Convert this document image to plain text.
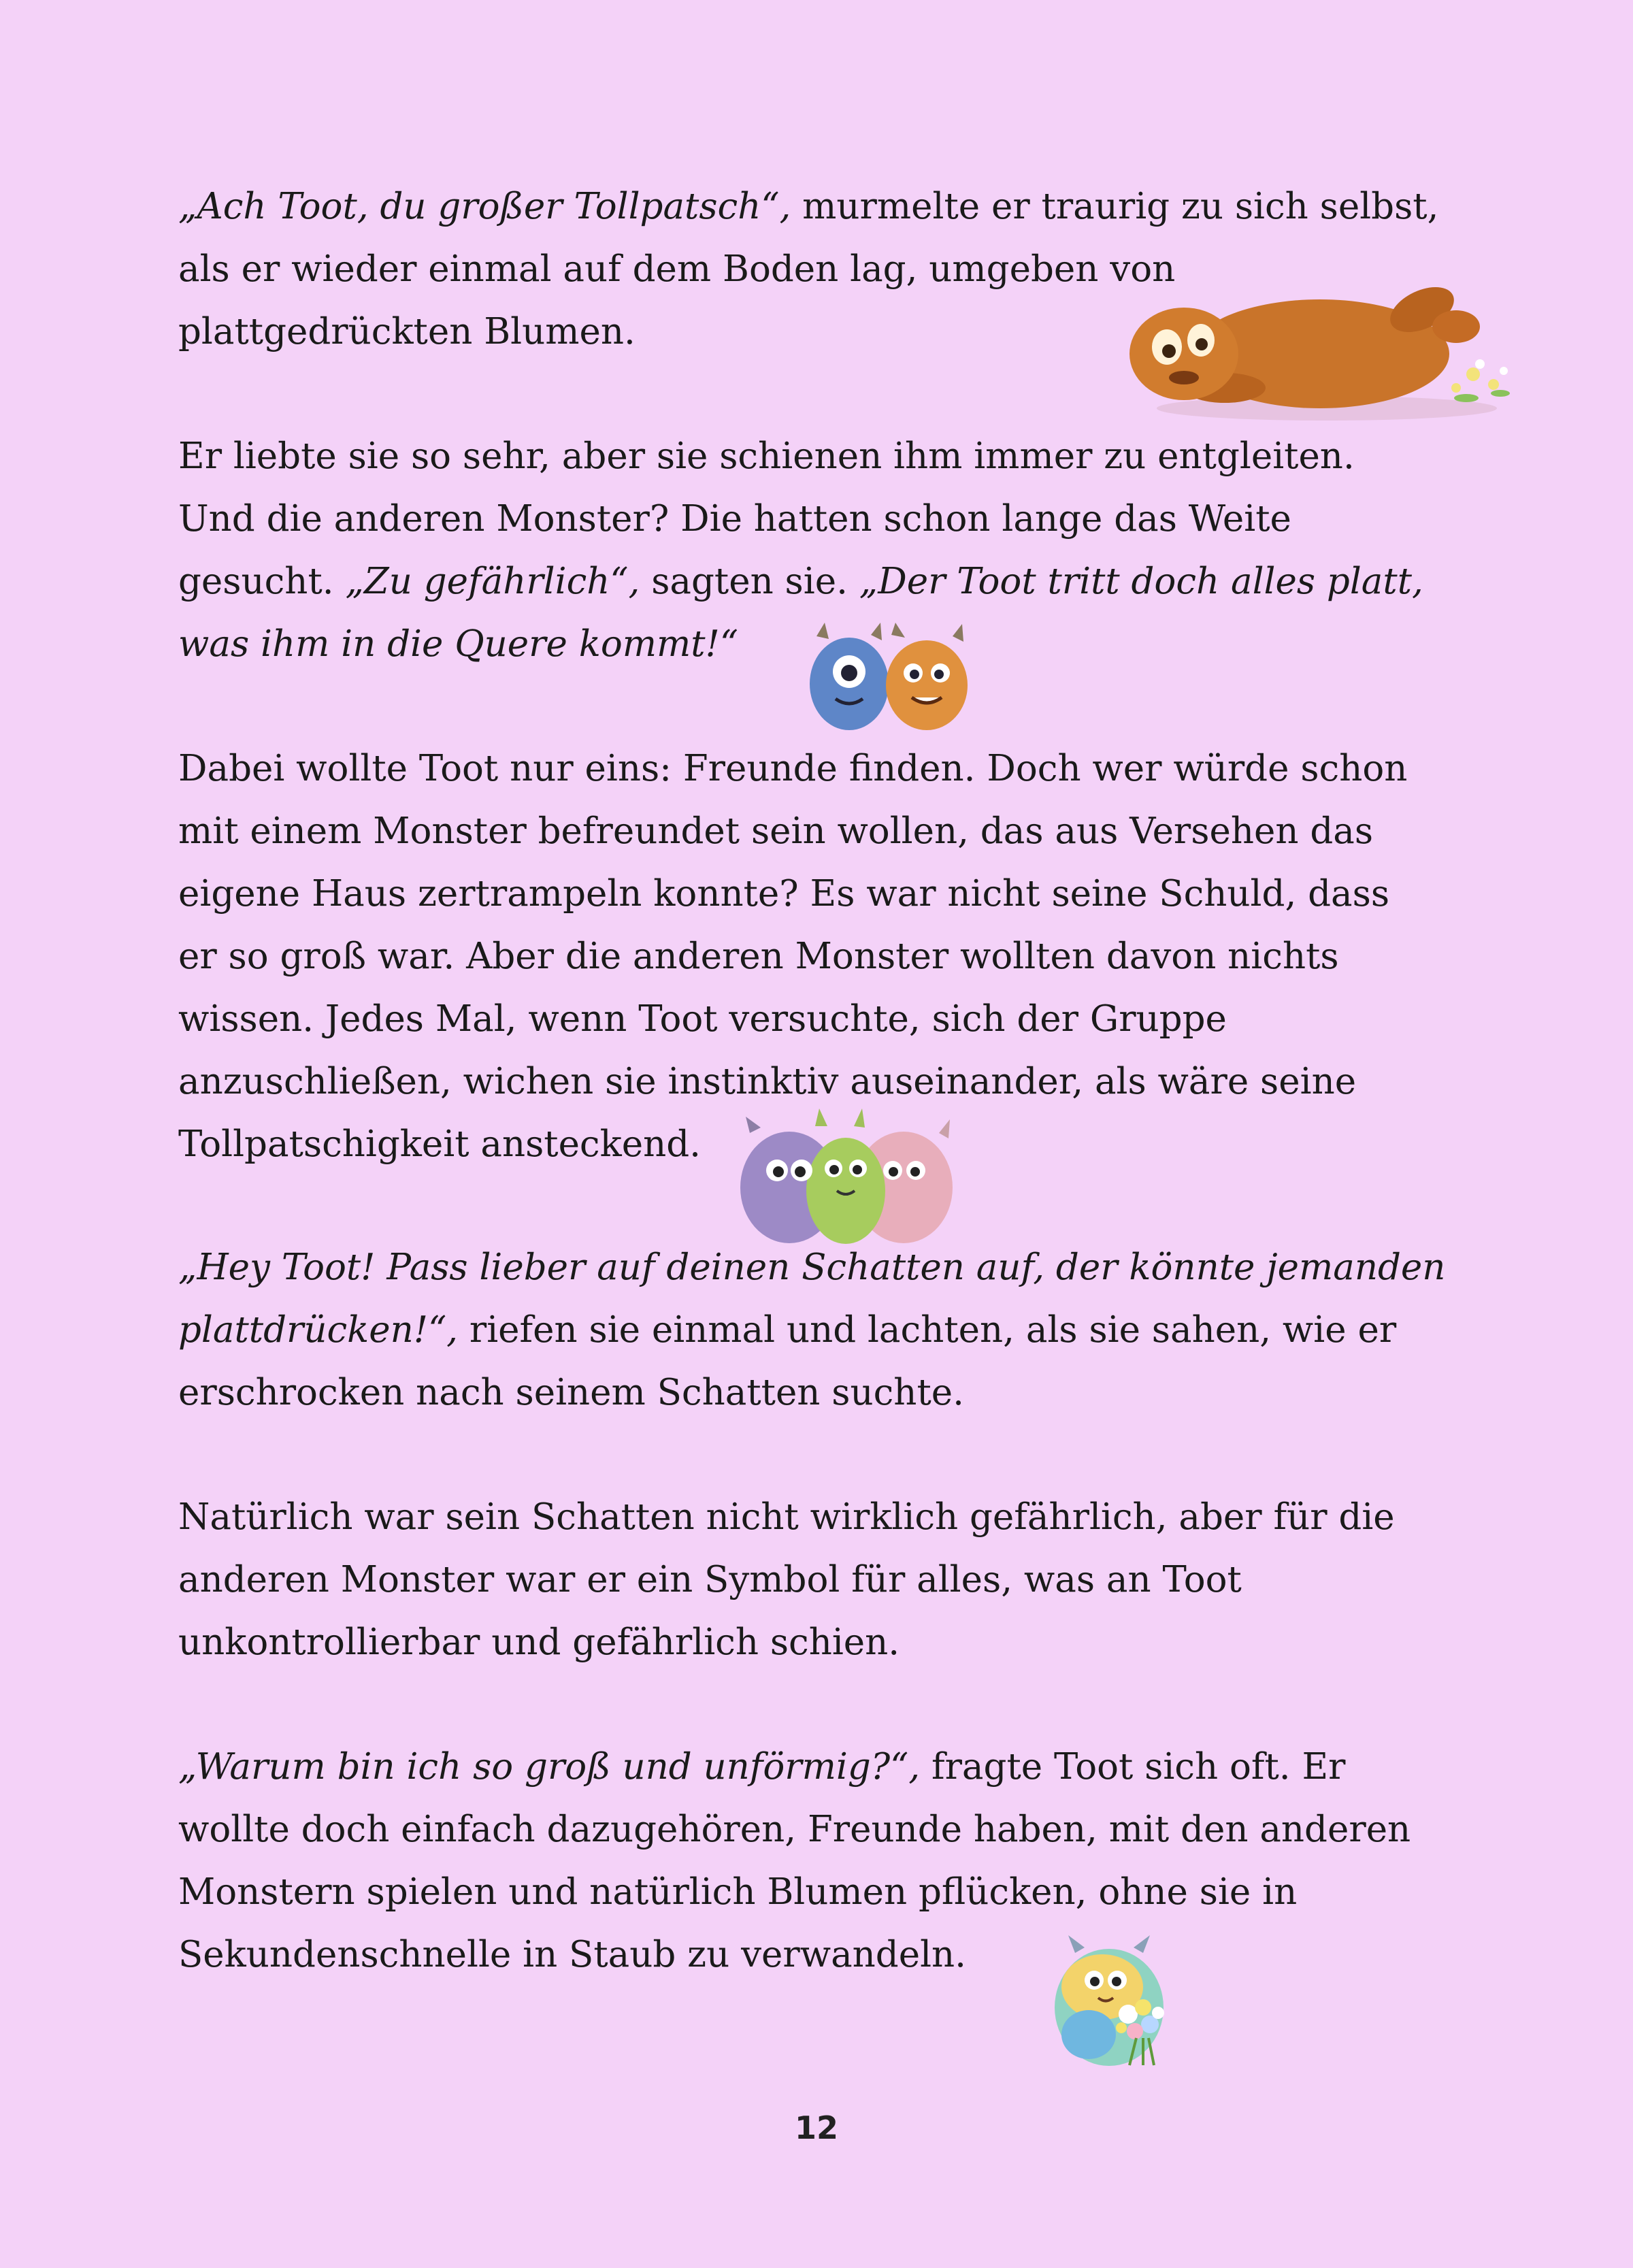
„Ach Toot, du großer Tollpatsch“, murmelte er traurig zu sich selbst,
als er wieder einmal auf dem Boden lag, umgeben von
plattgedrückten Blumen.
Er liebte sie so sehr, aber sie schienen ihm immer zu entgleiten.
Und die anderen Monster? Die hatten schon lange das Weite
gesucht. „Zu gefährlich“, sagten sie. „Der Toot tritt doch alles platt,
was ihm in die Quere kommt!“
Dabei wollte Toot nur eins: Freunde finden. Doch wer würde schon
mit einem Monster befreundet sein wollen, das aus Versehen das
eigene Haus zertrampeln konnte? Es war nicht seine Schuld, dass
er so groß war. Aber die anderen Monster wollten davon nichts
wissen. Jedes Mal, wenn Toot versuchte, sich der Gruppe
anzuschließen, wichen sie instinktiv auseinander, als wäre seine
Tollpatschigkeit ansteckend.
„Hey Toot! Pass lieber auf deinen Schatten auf, der könnte jemanden
plattdrücken!“, riefen sie einmal und lachten, als sie sahen, wie er
erschrocken nach seinem Schatten suchte.
Natürlich war sein Schatten nicht wirklich gefährlich, aber für die
anderen Monster war er ein Symbol für alles, was an Toot
unkontrollierbar und gefährlich schien.
„Warum bin ich so groß und unförmig?“, fragte Toot sich oft. Er
wollte doch einfach dazugehören, Freunde haben, mit den anderen
Monstern spielen und natürlich Blumen pflücken, ohne sie in
Sekundenschnelle in Staub zu verwandeln.
12
